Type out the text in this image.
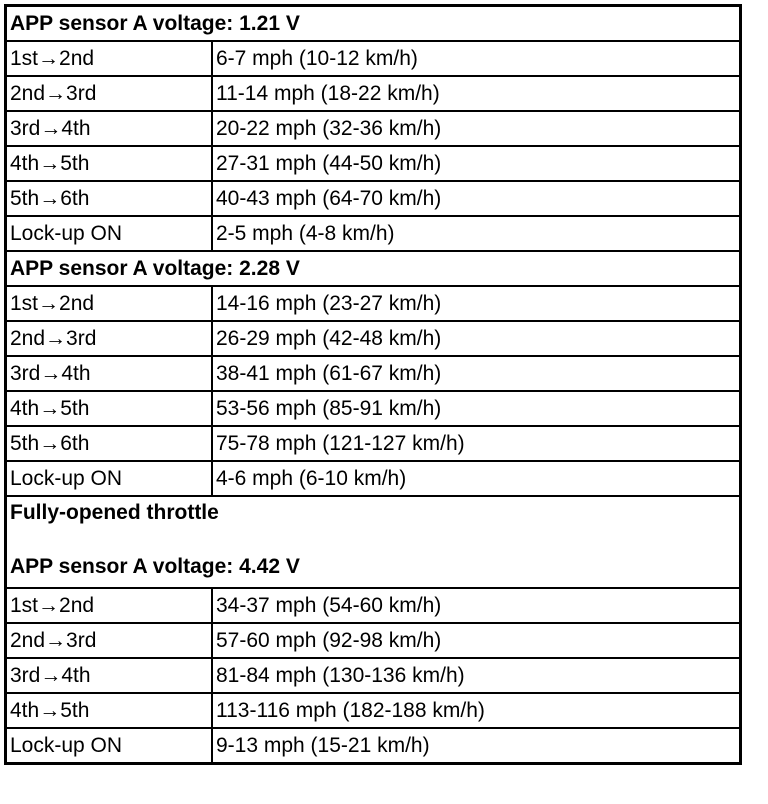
APP sensor A voltage: 1.21 V	
1st→2nd	6-7 mph (10-12 km/h)
2nd→3rd	11-14 mph (18-22 km/h)
3rd→4th	20-22 mph (32-36 km/h)
4th→5th	27-31 mph (44-50 km/h)
5th→6th	40-43 mph (64-70 km/h)
Lock-up ON	2-5 mph (4-8 km/h)
APP sensor A voltage: 2.28 V	
1st→2nd	14-16 mph (23-27 km/h)
2nd→3rd	26-29 mph (42-48 km/h)
3rd→4th	38-41 mph (61-67 km/h)
4th→5th	53-56 mph (85-91 km/h)
5th→6th	75-78 mph (121-127 km/h)
Lock-up ON	4-6 mph (6-10 km/h)

Fully-opened throttle
APP sensor A voltage: 4.42 V	

1st→2nd	34-37 mph (54-60 km/h)
2nd→3rd	57-60 mph (92-98 km/h)
3rd→4th	81-84 mph (130-136 km/h)
4th→5th	113-116 mph (182-188 km/h)
Lock-up ON	9-13 mph (15-21 km/h)
